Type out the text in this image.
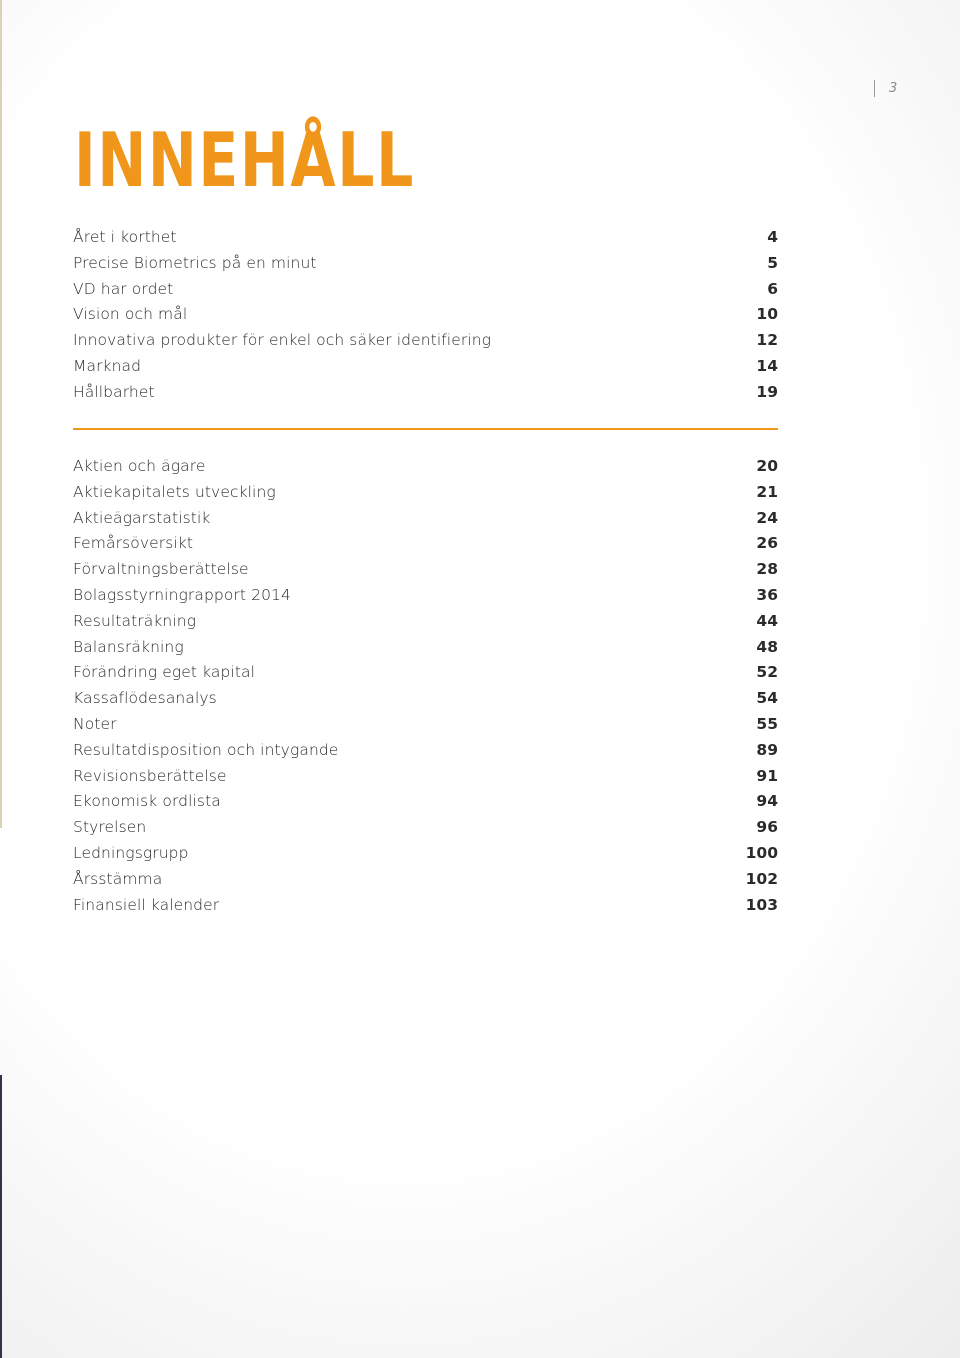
3
INNEHÅLL
Året i korthet	4
Precise Biometrics på en minut	5
VD har ordet	6
Vision och mål	10
Innovativa produkter för enkel och säker identifiering	12
Marknad	14
Hållbarhet	19
Aktien och ägare	20
Aktiekapitalets utveckling	21
Aktieägarstatistik	24
Femårsöversikt	26
Förvaltningsberättelse	28
Bolagsstyrningrapport 2014	36
Resultaträkning	44
Balansräkning	48
Förändring eget kapital	52
Kassaflödesanalys	54
Noter	55
Resultatdisposition och intygande	89
Revisionsberättelse	91
Ekonomisk ordlista	94
Styrelsen	96
Ledningsgrupp	100
Årsstämma	102
Finansiell kalender	103
